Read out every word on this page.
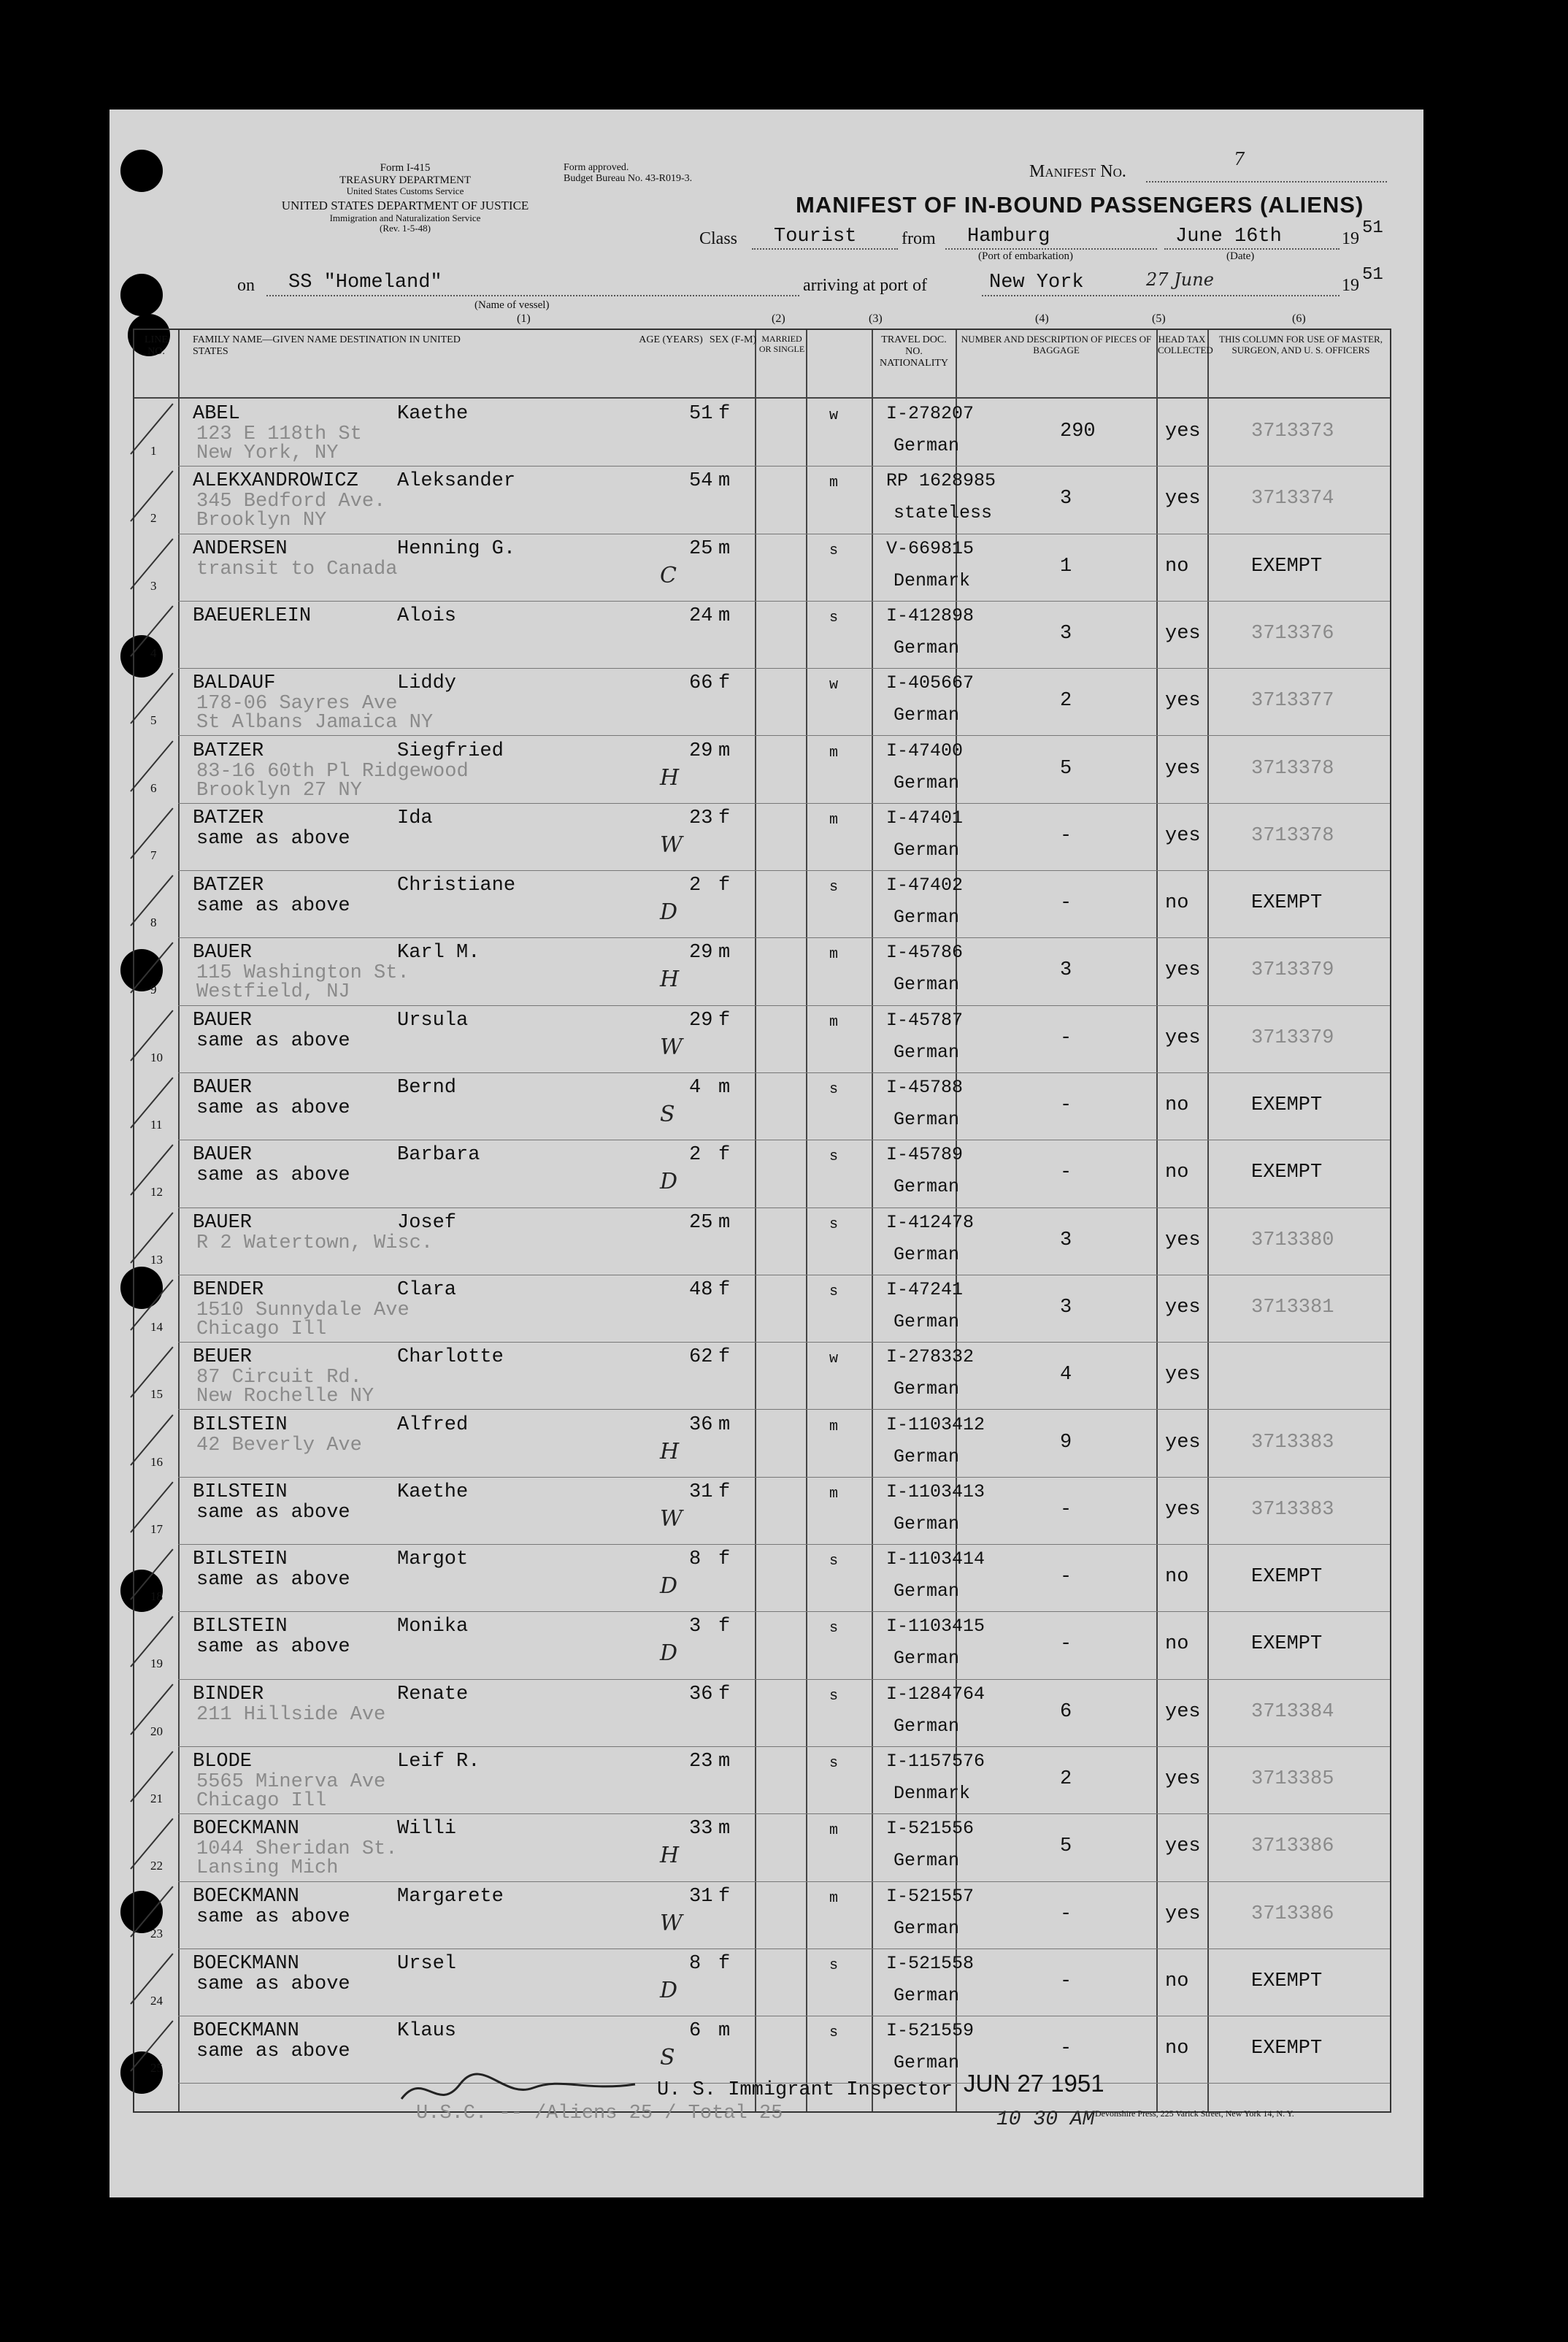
Form I-415
TREASURY DEPARTMENT
United States Customs Service
UNITED STATES DEPARTMENT OF JUSTICE
Immigration and Naturalization Service
(Rev. 1-5-48)
Form approved.
Budget Bureau No. 43-R019-3.	Manifest No.
7
MANIFEST OF IN-BOUND PASSENGERS (ALIENS)
Class Tourist	from Hamburg
(Port of embarkation)
June 16th
(Date)
19
51
on SS "Homeland"
(Name of vessel)
arriving at port of	New York	27 June	19
51
(1)	(2)	(3)	(4)	(5)	(6)
LINE NO.
FAMILY NAME—GIVEN NAME DESTINATION IN UNITED STATES
AGE (YEARS) SEX (F-M) MARRIED OR SINGLE
TRAVEL DOC. NO. NATIONALITY
NUMBER AND DESCRIPTION OF PIECES OF BAGGAGE
HEAD TAX COLLECTED
THIS COLUMN FOR USE OF MASTER, SURGEON, AND U. S. OFFICERS
1
ABEL	Kaethe	51 f	w
123 E 118th St
New York, NY
I-278207
German
290	yes	3713373
2
ALEKXANDROWICZ Aleksander	54 m	m
345 Bedford Ave.
Brooklyn NY
RP 1628985
stateless
3	yes	3713374
3
ANDERSEN	Henning G.	25 m	s
transit to Canada
V-669815
Denmark
1	no	EXEMPT
C
4
BAEUERLEIN	Alois	24 m	s	I-412898
German
3	yes	3713376
5
BALDAUF	Liddy	66 f	w
178-06 Sayres Ave
St Albans Jamaica NY
I-405667
German
2	yes	3713377
6
BATZER	Siegfried	29 m	m
83-16 60th Pl Ridgewood
Brooklyn 27 NY
I-47400
German
5	yes	3713378
H
7
BATZER	Ida	23 f	m
same as above
I-47401
German
-	yes	3713378
W
8
BATZER	Christiane	2 f	s
same as above
I-47402
German
-	no	EXEMPT
D
9
BAUER	Karl M.	29 m	m
115 Washington St.
Westfield, NJ
I-45786
German
3	yes	3713379
H
10
BAUER	Ursula	29 f	m
same as above
I-45787
German
-	yes	3713379
W
11
BAUER	Bernd	4 m	s
same as above
I-45788
German
-	no	EXEMPT
S
12
BAUER	Barbara	2 f	s
same as above
I-45789
German
-	no	EXEMPT
D
13
BAUER	Josef	25 m	s
R 2 Watertown, Wisc.
I-412478
German
3	yes	3713380
14
BENDER	Clara	48 f	s
1510 Sunnydale Ave
Chicago Ill
I-47241
German
3	yes	3713381
15
BEUER	Charlotte	62 f	w
87 Circuit Rd.
New Rochelle NY
I-278332
German
4	yes
16
BILSTEIN	Alfred	36 m	m
42 Beverly Ave
I-1103412
German
9	yes	3713383
H
17
BILSTEIN	Kaethe	31 f	m
same as above
I-1103413
German
-	yes	3713383
W
18
BILSTEIN	Margot	8 f	s
same as above
I-1103414
German
-	no	EXEMPT
D
19
BILSTEIN	Monika	3 f	s
same as above
I-1103415
German
-	no	EXEMPT
D
20
BINDER	Renate	36 f	s
211 Hillside Ave
I-1284764
German
6	yes	3713384
21
BLODE	Leif R.	23 m	s
5565 Minerva Ave
Chicago Ill
I-1157576
Denmark
2	yes	3713385
22
BOECKMANN	Willi	33 m	m
1044 Sheridan St.
Lansing Mich
I-521556
German
5	yes	3713386
H
23
BOECKMANN	Margarete	31 f	m
same as above
I-521557
German
-	yes	3713386
W
24
BOECKMANN	Ursel	8 f	s
same as above
I-521558
German
-	no	EXEMPT
D
25
BOECKMANN	Klaus	6 m	s
same as above
I-521559
German
-	no	EXEMPT
S
U. S. Immigrant Inspector JUN 27 1951
U.S.C. -- /Aliens 25 / Total 25	10 30 AM Devonshire Press, 225 Varick Street, New York 14, N. Y.
